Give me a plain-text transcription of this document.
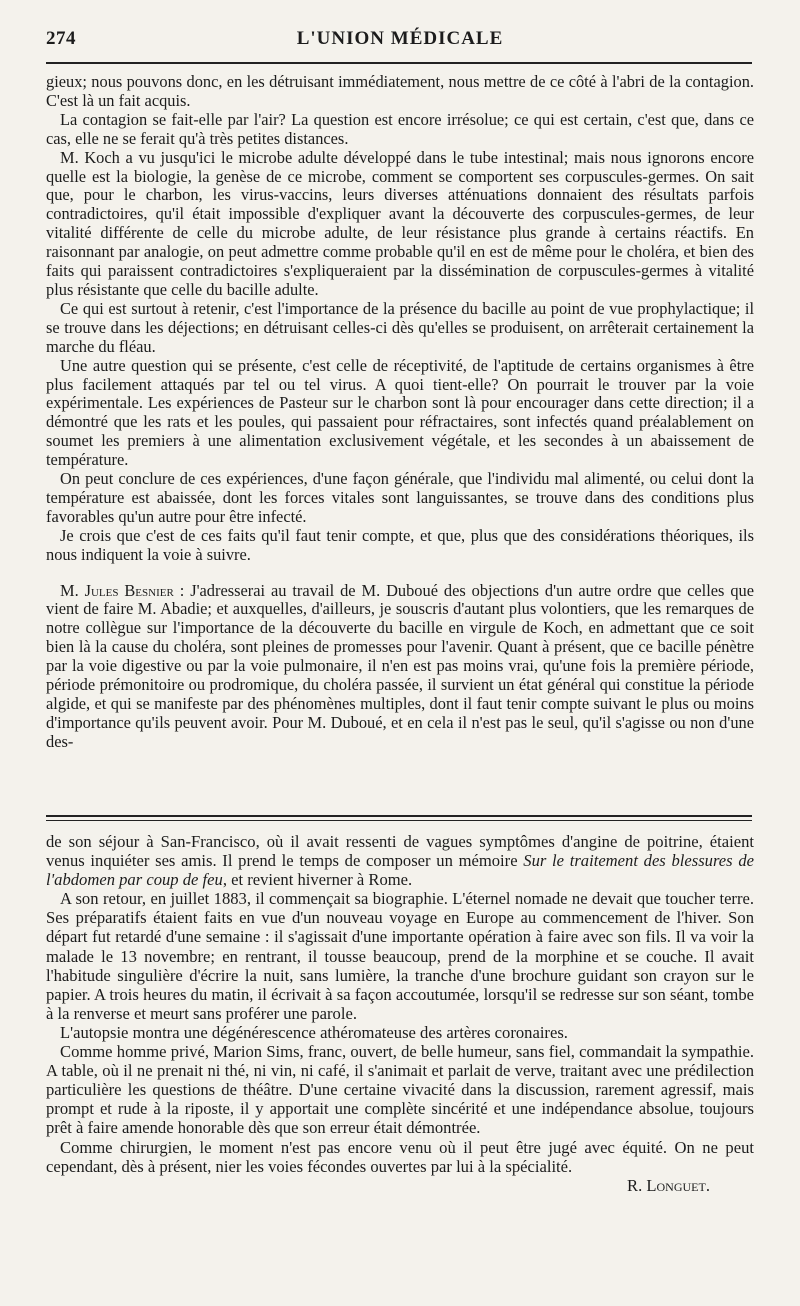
274	L'UNION MÉDICALE

gieux; nous pouvons donc, en les détruisant immédiatement, nous mettre de ce côté à l'abri de la contagion. C'est là un fait acquis.

La contagion se fait-elle par l'air? La question est encore irrésolue; ce qui est certain, c'est que, dans ce cas, elle ne se ferait qu'à très petites distances.

M. Koch a vu jusqu'ici le microbe adulte développé dans le tube intestinal; mais nous ignorons encore quelle est la biologie, la genèse de ce microbe, comment se comportent ses corpuscules-germes. On sait que, pour le charbon, les virus-vaccins, leurs diverses atténuations donnaient des résultats parfois contradictoires, qu'il était impossible d'expliquer avant la découverte des corpuscules-germes, de leur vitalité différente de celle du microbe adulte, de leur résistance plus grande à certains réactifs. En raisonnant par analogie, on peut admettre comme probable qu'il en est de même pour le choléra, et bien des faits qui paraissent contradictoires s'expliqueraient par la dissémination de corpuscules-germes à vitalité plus résistante que celle du bacille adulte.

Ce qui est surtout à retenir, c'est l'importance de la présence du bacille au point de vue prophylactique; il se trouve dans les déjections; en détruisant celles-ci dès qu'elles se produisent, on arrêterait certainement la marche du fléau.

Une autre question qui se présente, c'est celle de réceptivité, de l'aptitude de certains organismes à être plus facilement attaqués par tel ou tel virus. A quoi tient-elle? On pourrait le trouver par la voie expérimentale. Les expériences de Pasteur sur le charbon sont là pour encourager dans cette direction; il a démontré que les rats et les poules, qui passaient pour réfractaires, sont infectés quand préalablement on soumet les premiers à une alimentation exclusivement végétale, et les secondes à un abaissement de température.

On peut conclure de ces expériences, d'une façon générale, que l'individu mal alimenté, ou celui dont la température est abaissée, dont les forces vitales sont languissantes, se trouve dans des conditions plus favorables qu'un autre pour être infecté.

Je crois que c'est de ces faits qu'il faut tenir compte, et que, plus que des considérations théoriques, ils nous indiquent la voie à suivre.

M. Jules Besnier : J'adresserai au travail de M. Duboué des objections d'un autre ordre que celles que vient de faire M. Abadie; et auxquelles, d'ailleurs, je souscris d'autant plus volontiers, que les remarques de notre collègue sur l'importance de la découverte du bacille en virgule de Koch, en admettant que ce soit bien là la cause du choléra, sont pleines de promesses pour l'avenir. Quant à présent, que ce bacille pénètre par la voie digestive ou par la voie pulmonaire, il n'en est pas moins vrai, qu'une fois la première période, période prémonitoire ou prodromique, du choléra passée, il survient un état général qui constitue la période algide, et qui se manifeste par des phénomènes multiples, dont il faut tenir compte suivant le plus ou moins d'importance qu'ils peuvent avoir. Pour M. Duboué, et en cela il n'est pas le seul, qu'il s'agisse ou non d'une des-

de son séjour à San-Francisco, où il avait ressenti de vagues symptômes d'angine de poitrine, étaient venus inquiéter ses amis. Il prend le temps de composer un mémoire Sur le traitement des blessures de l'abdomen par coup de feu, et revient hiverner à Rome.

A son retour, en juillet 1883, il commençait sa biographie. L'éternel nomade ne devait que toucher terre. Ses préparatifs étaient faits en vue d'un nouveau voyage en Europe au commencement de l'hiver. Son départ fut retardé d'une semaine : il s'agissait d'une importante opération à faire avec son fils. Il va voir la malade le 13 novembre; en rentrant, il tousse beaucoup, prend de la morphine et se couche. Il avait l'habitude singulière d'écrire la nuit, sans lumière, la tranche d'une brochure guidant son crayon sur le papier. A trois heures du matin, il écrivait à sa façon accoutumée, lorsqu'il se redresse sur son séant, tombe à la renverse et meurt sans proférer une parole.

L'autopsie montra une dégénérescence athéromateuse des artères coronaires.

Comme homme privé, Marion Sims, franc, ouvert, de belle humeur, sans fiel, commandait la sympathie. A table, où il ne prenait ni thé, ni vin, ni café, il s'animait et parlait de verve, traitant avec une prédilection particulière les questions de théâtre. D'une certaine vivacité dans la discussion, rarement agressif, mais prompt et rude à la riposte, il y apportait une complète sincérité et une indépendance absolue, toujours prêt à faire amende honorable dès que son erreur était démontrée.

Comme chirurgien, le moment n'est pas encore venu où il peut être jugé avec équité. On ne peut cependant, dès à présent, nier les voies fécondes ouvertes par lui à la spécialité.

R. Longuet.
